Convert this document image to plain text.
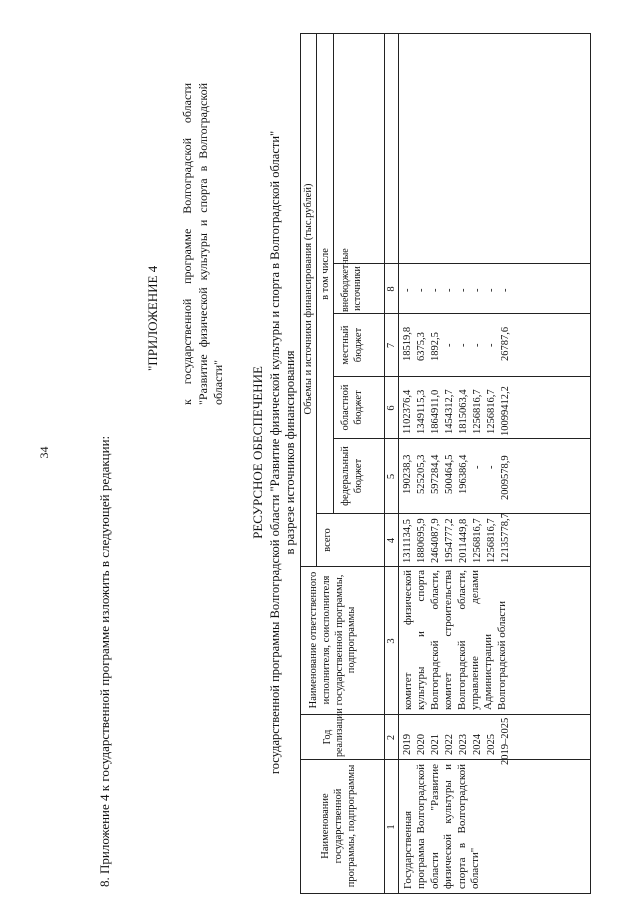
34	8. Приложение 4 к государственной программе изложить в следующей редакции:
"ПРИЛОЖЕНИЕ 4 к государственной программе Волгоградской области "Развитие физической культуры и спорта в Волгоградской области" РЕСУРСНОЕ ОБЕСПЕЧЕНИЕ государственной программы Волгоградской области "Развитие физической культуры и спорта в Волгоградской области" в разрезе источников финансирования
Наименование государственной программы, подпрограммы
Год реализации
Наименование ответственного исполнителя, соисполнителя государственной программы, подпрограммы
Объемы и источники финансирования (тыс.рублей)
всего
в том числе
федеральный бюджет
областной бюджет
местный бюджет
внебюджетные источники
1
2
3
4
5
6
7
8
Государственная программа Волгоградской области "Развитие физической культуры и спорта в Волгоградской области"
комитет физической культуры и спорта Волгоградской области, комитет строительства Волгоградской области, управление делами Администрации Волгоградской области
2019 2020 2021 2022 2023 2024 2025 2019–2025
1311134,5 1880695,9 2464087,9 1954777,2 2011449,8 1256816,7 1256816,7 12135778,7
190238,3 525205,3 597284,4 500464,5 196386,4 - - 2009578,9
1102376,4 1349115,3 1864911,0 1454312,7 1815063,4 1256816,7 1256816,7 10099412,2
18519,8 6375,3 1892,5 - - - - 26787,6
- - - - - - - -
